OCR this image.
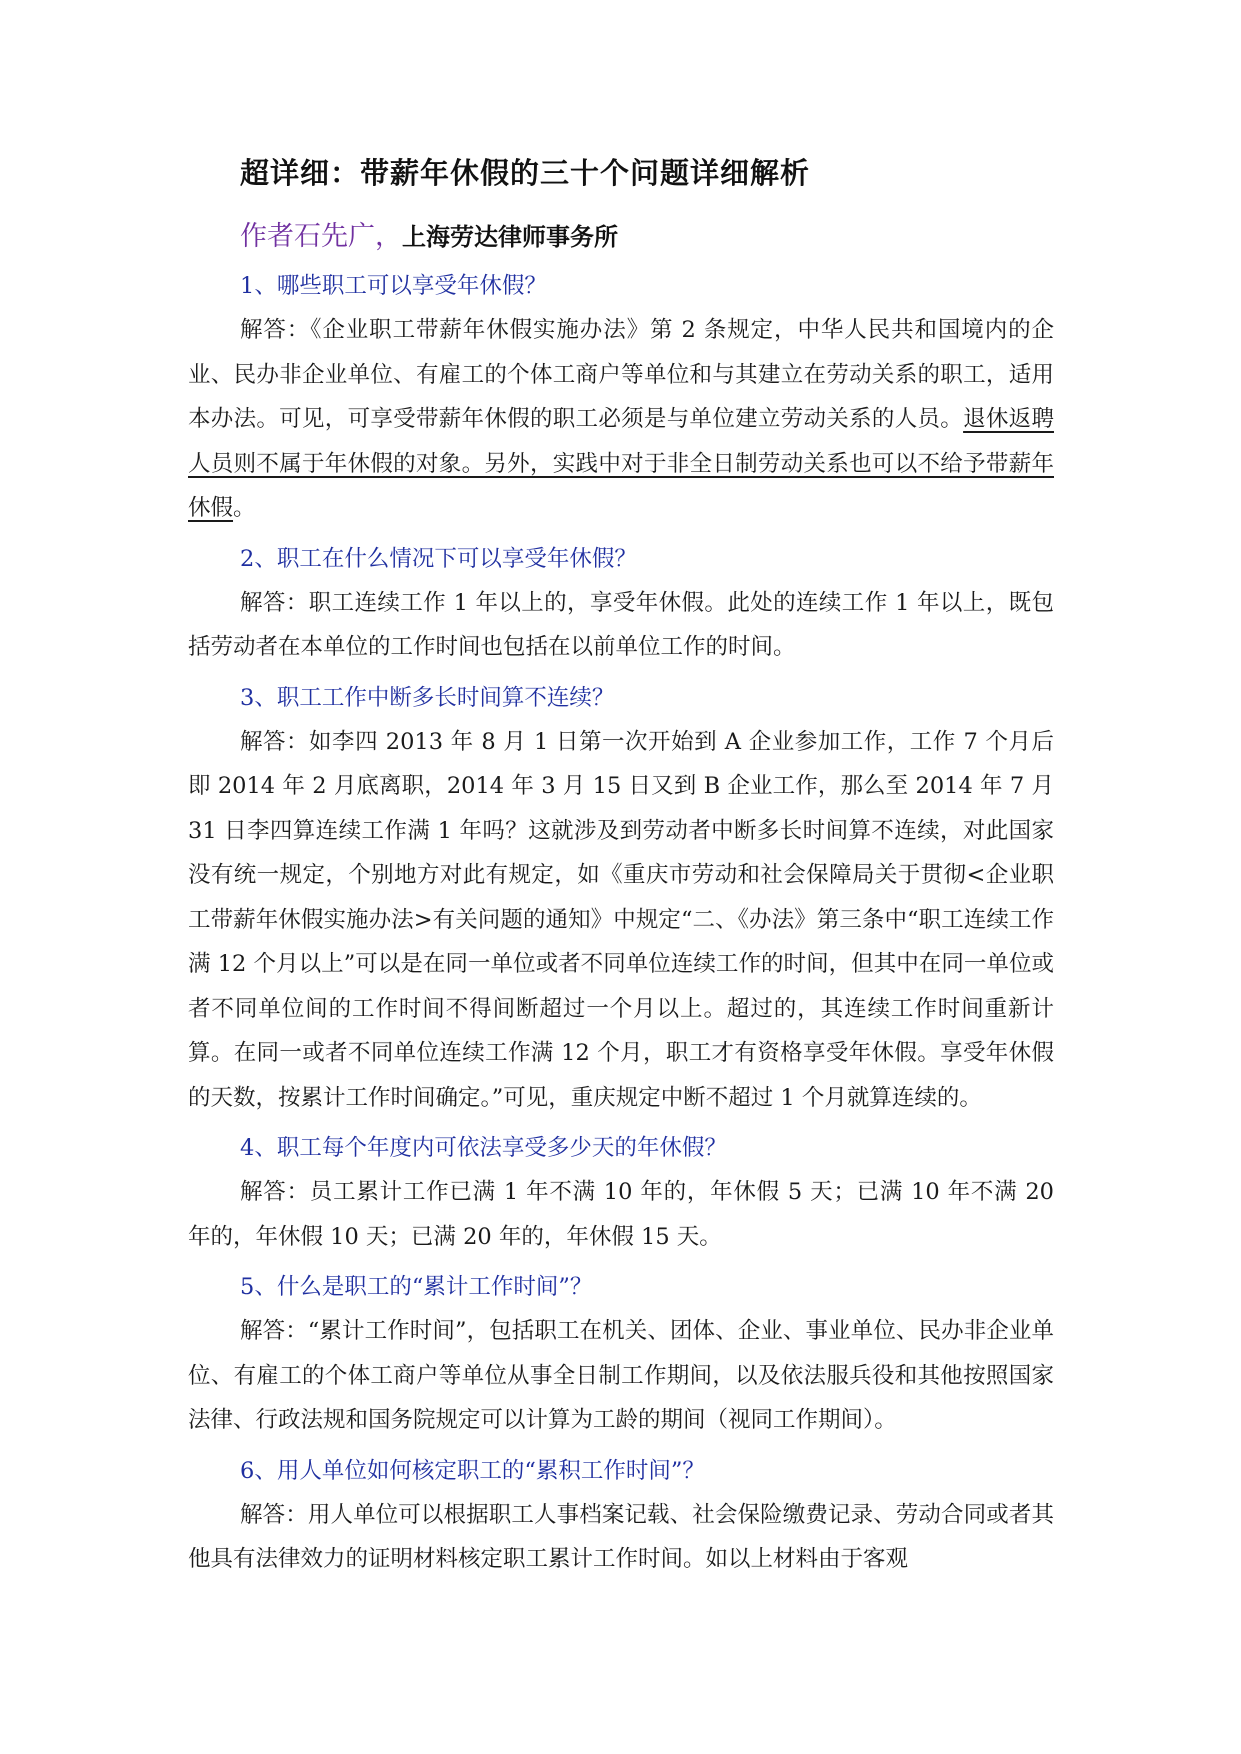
超详细：带薪年休假的三十个问题详细解析

作者石先广，上海劳达律师事务所

1、哪些职工可以享受年休假？

解答：《企业职工带薪年休假实施办法》第 2 条规定，中华人民共和国境内的企业、民办非企业单位、有雇工的个体工商户等单位和与其建立在劳动关系的职工，适用本办法。可见，可享受带薪年休假的职工必须是与单位建立劳动关系的人员。退休返聘人员则不属于年休假的对象。另外，实践中对于非全日制劳动关系也可以不给予带薪年休假。

2、职工在什么情况下可以享受年休假？

解答：职工连续工作 1 年以上的，享受年休假。此处的连续工作 1 年以上，既包括劳动者在本单位的工作时间也包括在以前单位工作的时间。

3、职工工作中断多长时间算不连续？

解答：如李四 2013 年 8 月 1 日第一次开始到 A 企业参加工作，工作 7 个月后即 2014 年 2 月底离职，2014 年 3 月 15 日又到 B 企业工作，那么至 2014 年 7 月 31 日李四算连续工作满 1 年吗？这就涉及到劳动者中断多长时间算不连续，对此国家没有统一规定，个别地方对此有规定，如《重庆市劳动和社会保障局关于贯彻<企业职工带薪年休假实施办法>有关问题的通知》中规定“二、《办法》第三条中“职工连续工作满 12 个月以上”可以是在同一单位或者不同单位连续工作的时间，但其中在同一单位或者不同单位间的工作时间不得间断超过一个月以上。超过的，其连续工作时间重新计算。在同一或者不同单位连续工作满 12 个月，职工才有资格享受年休假。享受年休假的天数，按累计工作时间确定。”可见，重庆规定中断不超过 1 个月就算连续的。

4、职工每个年度内可依法享受多少天的年休假？

解答：员工累计工作已满 1 年不满 10 年的，年休假 5 天；已满 10 年不满 20 年的，年休假 10 天；已满 20 年的，年休假 15 天。

5、什么是职工的“累计工作时间”？

解答：“累计工作时间”，包括职工在机关、团体、企业、事业单位、民办非企业单位、有雇工的个体工商户等单位从事全日制工作期间，以及依法服兵役和其他按照国家法律、行政法规和国务院规定可以计算为工龄的期间（视同工作期间）。

6、用人单位如何核定职工的“累积工作时间”？

解答：用人单位可以根据职工人事档案记载、社会保险缴费记录、劳动合同或者其他具有法律效力的证明材料核定职工累计工作时间。如以上材料由于客观
